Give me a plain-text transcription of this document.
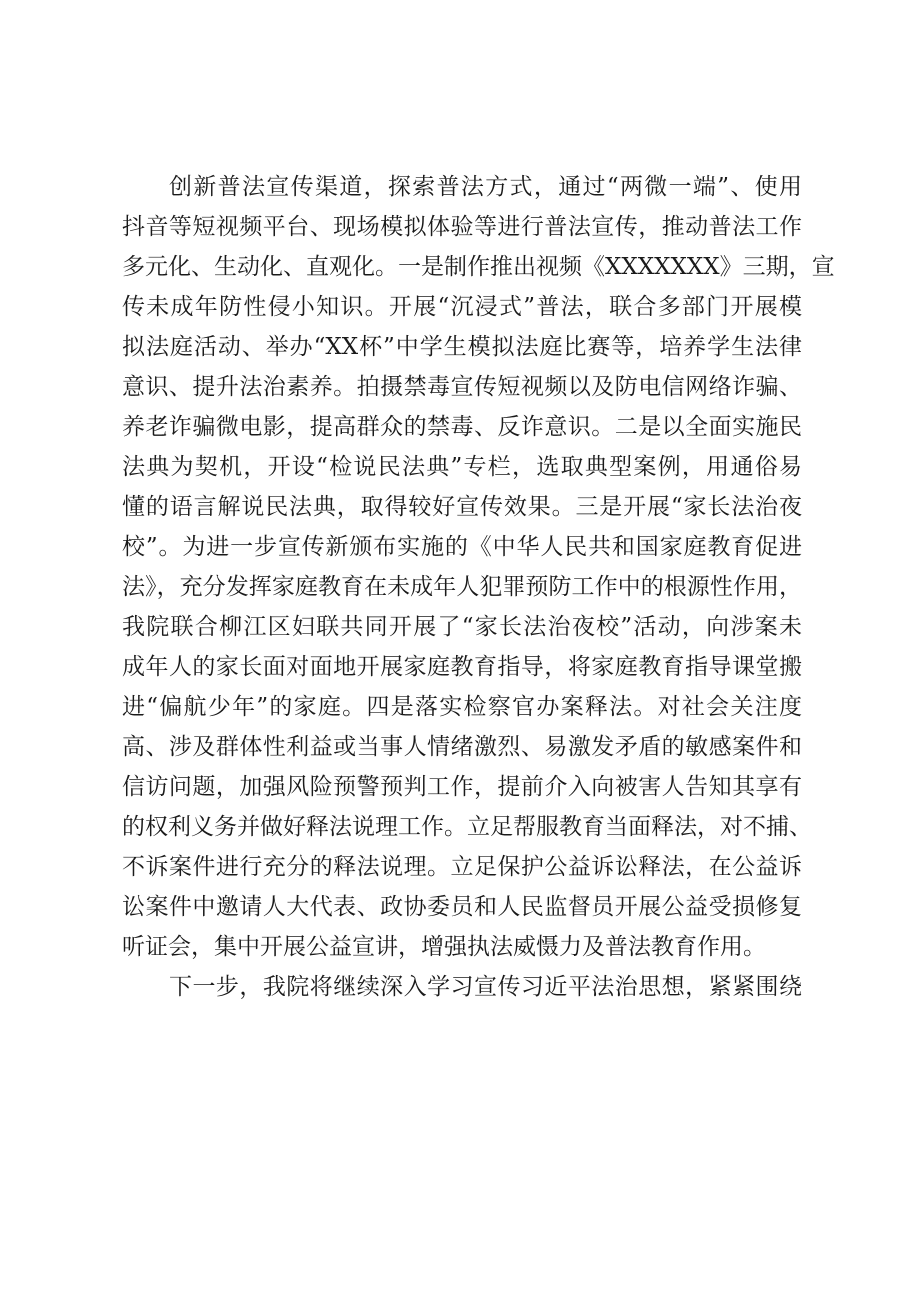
创新普法宣传渠道，探索普法方式，通过“两微一端”、使用
抖音等短视频平台、现场模拟体验等进行普法宣传，推动普法工作
多元化、生动化、直观化。一是制作推出视频《XXXXXXX》三期，宣
传未成年防性侵小知识。开展“沉浸式”普法，联合多部门开展模
拟法庭活动、举办“XX杯”中学生模拟法庭比赛等，培养学生法律
意识、提升法治素养。拍摄禁毒宣传短视频以及防电信网络诈骗、
养老诈骗微电影，提高群众的禁毒、反诈意识。二是以全面实施民
法典为契机，开设“检说民法典”专栏，选取典型案例，用通俗易
懂的语言解说民法典，取得较好宣传效果。三是开展“家长法治夜
校”。为进一步宣传新颁布实施的《中华人民共和国家庭教育促进
法》，充分发挥家庭教育在未成年人犯罪预防工作中的根源性作用，
我院联合柳江区妇联共同开展了“家长法治夜校”活动，向涉案未
成年人的家长面对面地开展家庭教育指导，将家庭教育指导课堂搬
进“偏航少年”的家庭。四是落实检察官办案释法。对社会关注度
高、涉及群体性利益或当事人情绪激烈、易激发矛盾的敏感案件和
信访问题，加强风险预警预判工作，提前介入向被害人告知其享有
的权利义务并做好释法说理工作。立足帮服教育当面释法，对不捕、
不诉案件进行充分的释法说理。立足保护公益诉讼释法，在公益诉
讼案件中邀请人大代表、政协委员和人民监督员开展公益受损修复
听证会，集中开展公益宣讲，增强执法威慑力及普法教育作用。
下一步，我院将继续深入学习宣传习近平法治思想，紧紧围绕
